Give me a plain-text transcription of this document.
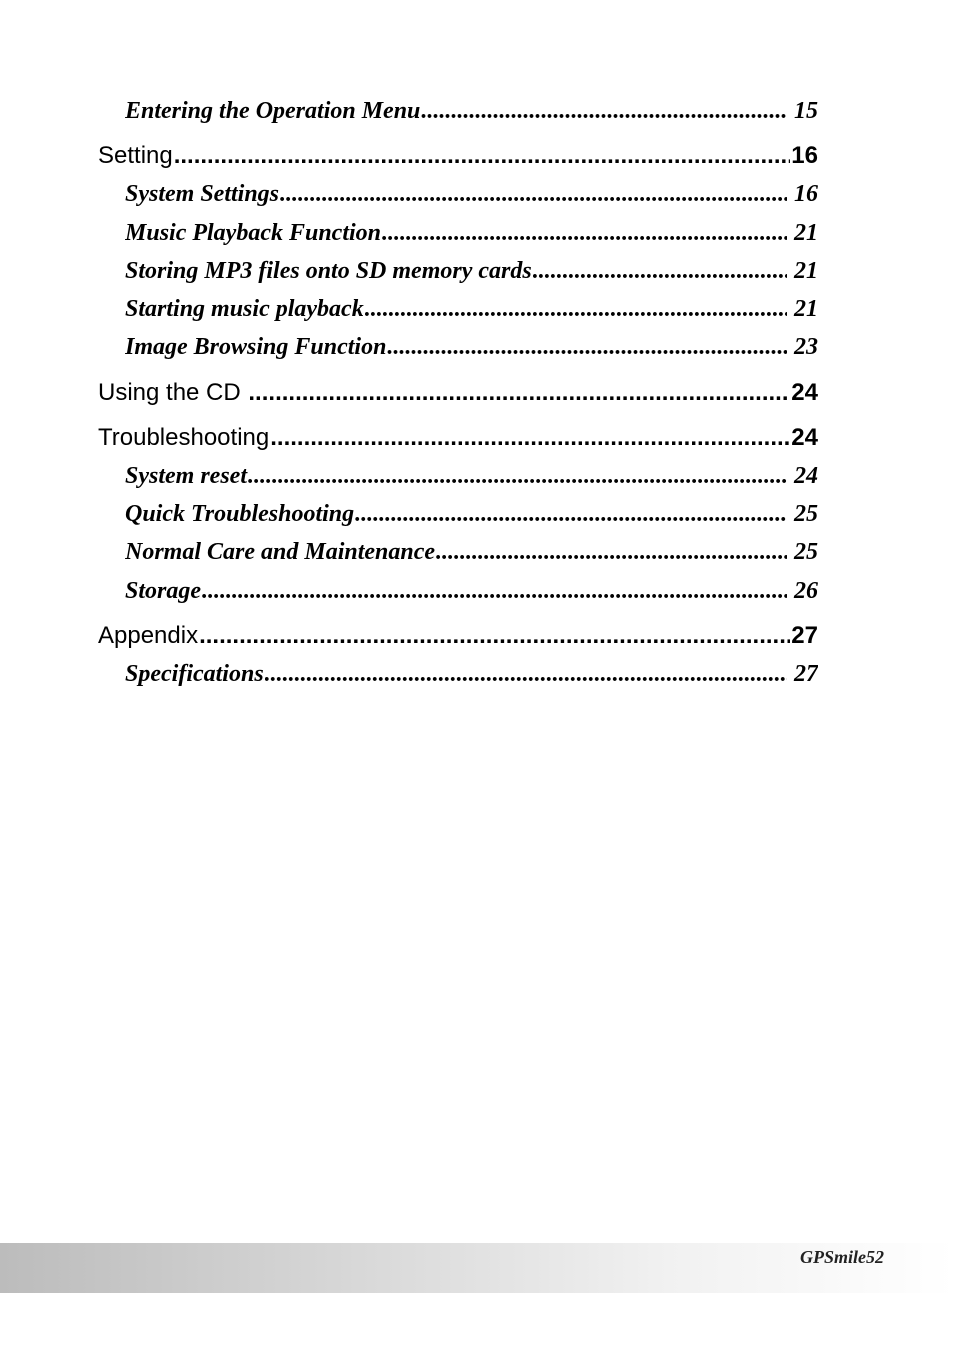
Entering the Operation Menu .....	15
Setting .....	16
System Settings .....	16
Music Playback Function .....	21
Storing MP3 files onto SD memory cards .....	21
Starting music playback .....	21
Image Browsing Function .....	23
Using the CD .....	24
Troubleshooting .....	24
System reset .....	24
Quick Troubleshooting .....	25
Normal Care and Maintenance .....	25
Storage .....	26
Appendix .....	27
Specifications .....	27
GPSmile52
